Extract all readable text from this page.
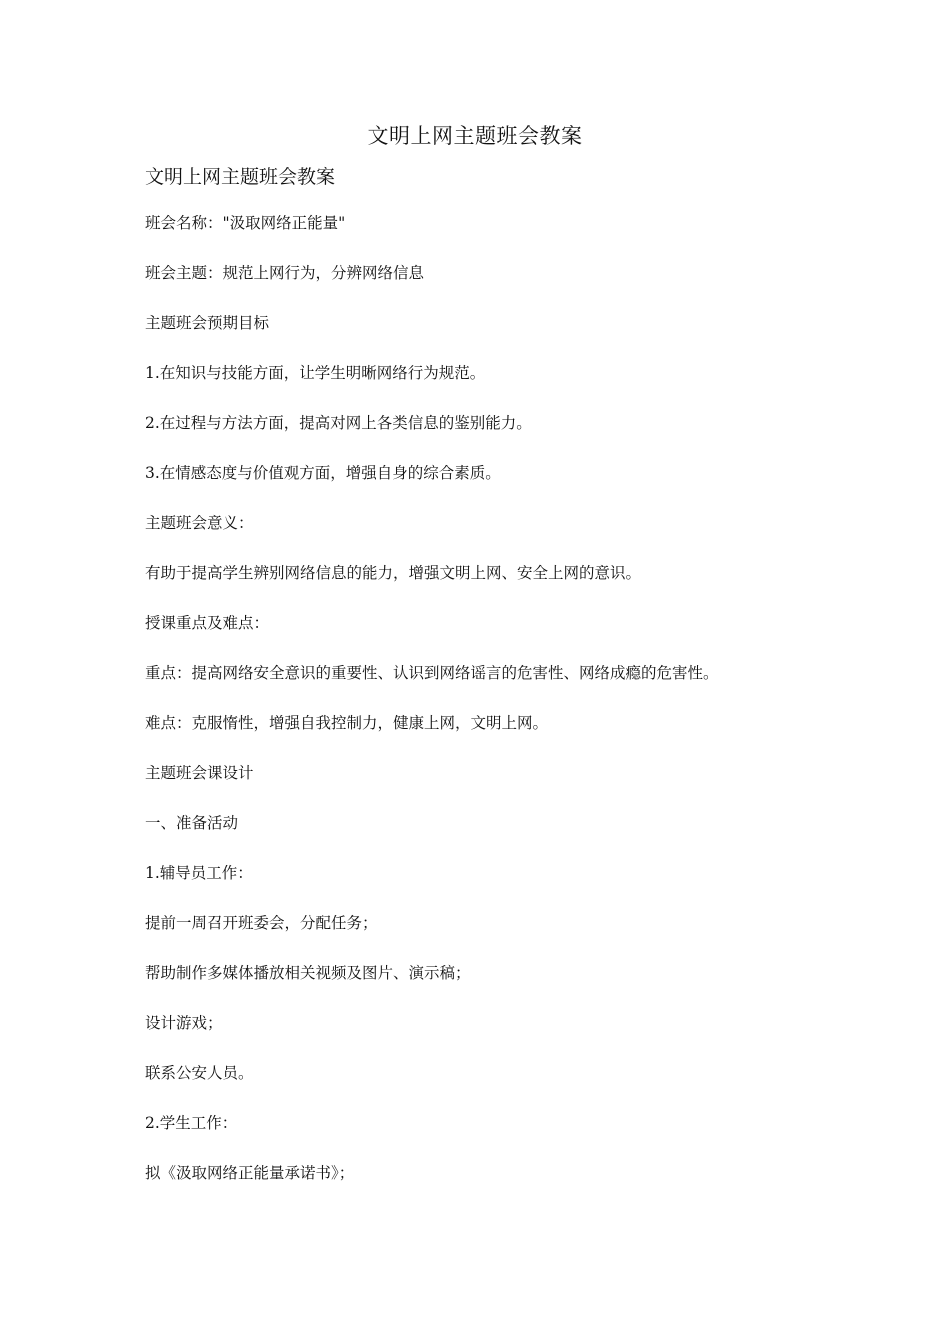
文明上网主题班会教案
文明上网主题班会教案

班会名称："汲取网络正能量"

班会主题：规范上网行为，分辨网络信息

主题班会预期目标

1.在知识与技能方面，让学生明晰网络行为规范。

2.在过程与方法方面，提高对网上各类信息的鉴别能力。

3.在情感态度与价值观方面，增强自身的综合素质。

主题班会意义：

有助于提高学生辨别网络信息的能力，增强文明上网、安全上网的意识。

授课重点及难点：

重点：提高网络安全意识的重要性、认识到网络谣言的危害性、网络成瘾的危害性。

难点：克服惰性，增强自我控制力，健康上网，文明上网。

主题班会课设计

一、准备活动

1.辅导员工作：

提前一周召开班委会，分配任务；

帮助制作多媒体播放相关视频及图片、演示稿；

设计游戏；

联系公安人员。

2.学生工作：

拟《汲取网络正能量承诺书》；
